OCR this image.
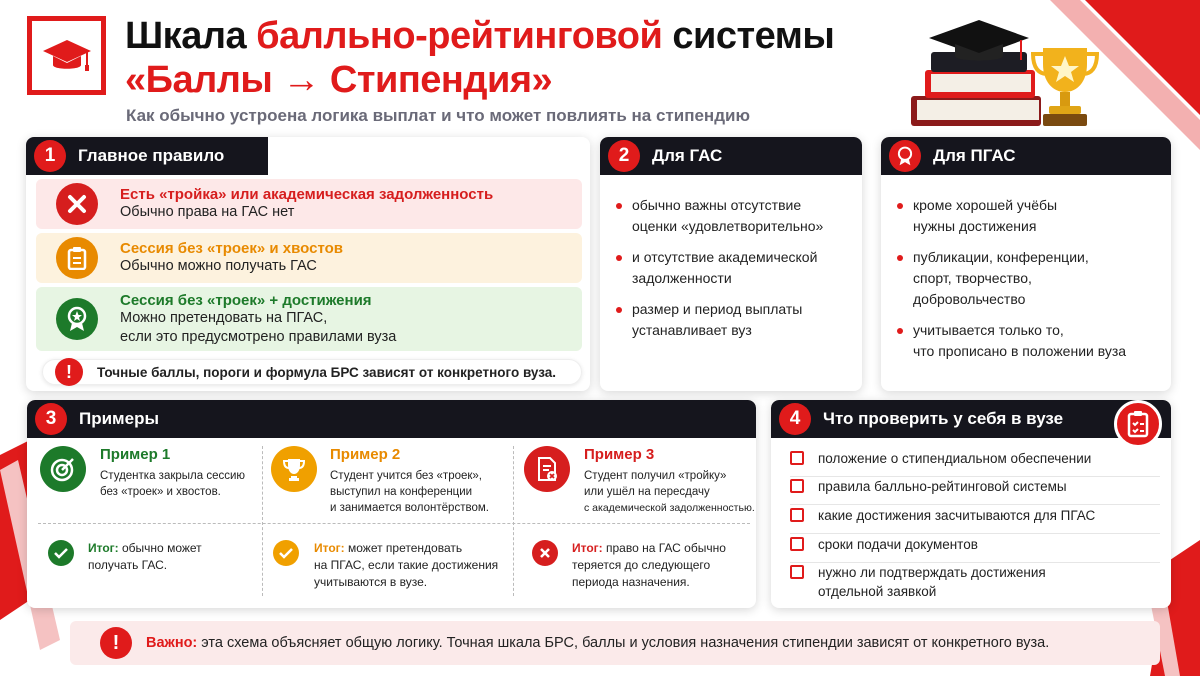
Шкала балльно-рейтинговой системы
«Баллы → Стипендия»
Как обычно устроена логика выплат и что может повлиять на стипендию
1	Главное правило
Есть «тройка» или академическая задолженность
Обычно права на ГАС нет
Сессия без «троек» и хвостов
Обычно можно получать ГАС
Сессия без «троек» + достижения
Можно претендовать на ПГАС,
если это предусмотрено правилами вуза
!	Точные баллы, пороги и формула БРС зависят от конкретного вуза.
2	Для ГАС
обычно важны отсутствие
оценки «удовлетворительно»
и отсутствие академической
задолженности
размер и период выплаты
устанавливает вуз
Для ПГАС
кроме хорошей учёбы
нужны достижения
публикации, конференции,
спорт, творчество,
добровольчество
учитывается только то,
что прописано в положении вуза
3	Примеры
Пример 1
Студентка закрыла сессию
без «троек» и хвостов.
Итог: обычно может
получать ГАС.
Пример 2
Студент учится без «троек»,
выступил на конференции
и занимается волонтёрством.
Итог: может претендовать
на ПГАС, если такие достижения
учитываются в вузе.
Пример 3
Студент получил «тройку»
или ушёл на пересдачу
с академической задолженностью.
Итог: право на ГАС обычно
теряется до следующего
периода назначения.
4	Что проверить у себя в вузе
положение о стипендиальном обеспечении
правила балльно-рейтинговой системы
какие достижения засчитываются для ПГАС
сроки подачи документов
нужно ли подтверждать достижения
отдельной заявкой
!	Важно: эта схема объясняет общую логику. Точная шкала БРС, баллы и условия назначения стипендии зависят от конкретного вуза.
